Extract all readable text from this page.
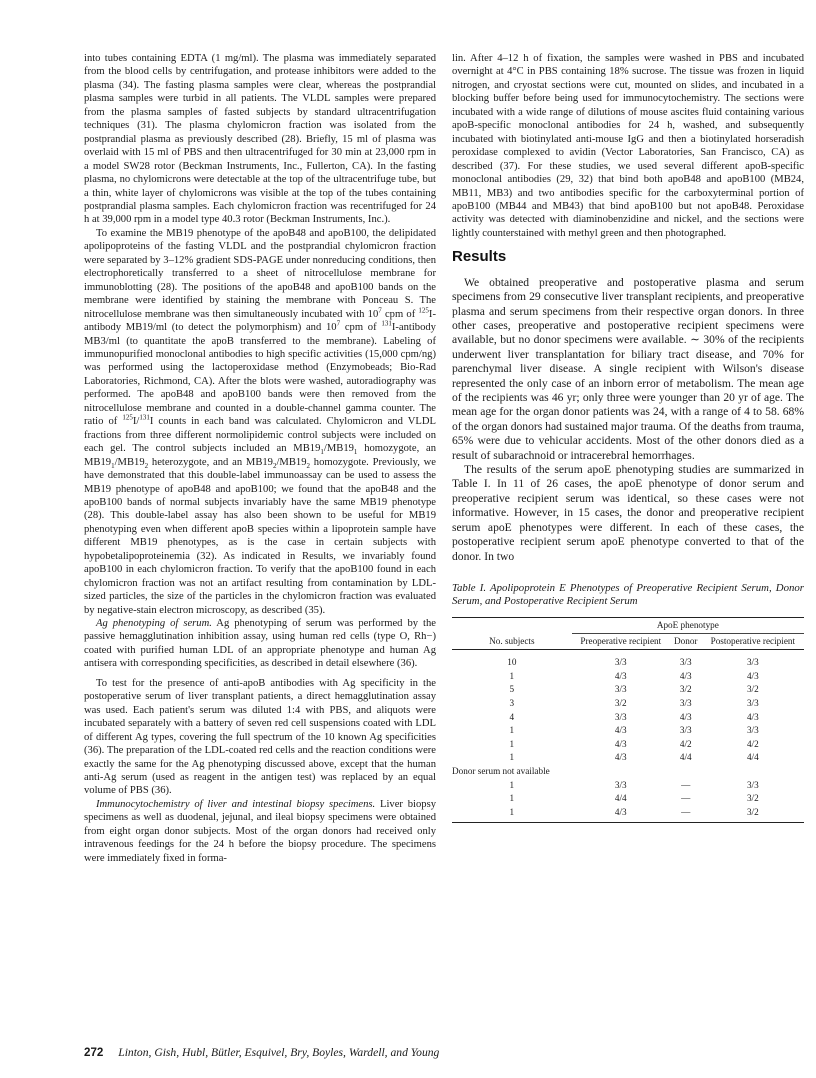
into tubes containing EDTA (1 mg/ml). The plasma was immediately separated from the blood cells by centrifugation, and protease inhibitors were added to the plasma (34). The fasting plasma samples were clear, whereas the postprandial plasma samples were turbid in all patients. The VLDL samples were prepared from the plasma samples of fasted subjects by standard ultracentrifugation techniques (31). The plasma chylomicron fraction was isolated from the postprandial plasma as previously described (28). Briefly, 15 ml of plasma was overlaid with 15 ml of PBS and then ultracentrifuged for 30 min at 23,000 rpm in a model SW28 rotor (Beckman Instruments, Inc., Fullerton, CA). In the fasting plasma, no chylomicrons were detectable at the top of the ultracentrifuge tube, but a thin, white layer of chylomicrons was visible at the top of the tubes containing postprandial plasma samples. Each chylomicron fraction was recentrifuged for 24 h at 39,000 rpm in a model type 40.3 rotor (Beckman Instruments, Inc.).

To examine the MB19 phenotype of the apoB48 and apoB100, the delipidated apolipoproteins of the fasting VLDL and the postprandial chylomicron fraction were separated by 3–12% gradient SDS-PAGE under nonreducing conditions, then electrophoretically transferred to a sheet of nitrocellulose membrane for immunoblotting (28). The positions of the apoB48 and apoB100 bands on the membrane were identified by staining the membrane with Ponceau S. The nitrocellulose membrane was then simultaneously incubated with $10^7$ cpm of $^{125}$I-antibody MB19/ml (to detect the polymorphism) and $10^7$ cpm of $^{131}$I-antibody MB3/ml (to quantitate the apoB transferred to the membrane). Labeling of immunopurified monoclonal antibodies to high specific activities (15,000 cpm/ng) was performed using the lactoperoxidase method (Enzymobeads; Bio-Rad Laboratories, Richmond, CA). After the blots were washed, autoradiography was performed. The apoB48 and apoB100 bands were then removed from the nitrocellulose membrane and counted in a double-channel gamma counter. The ratio of $^{125}$I/$^{131}$I counts in each band was calculated. Chylomicron and VLDL fractions from three different normolipidemic control subjects were included on each gel. The control subjects included an $MB19_1/MB19_1$ homozygote, an $MB19_1/MB19_2$ heterozygote, and an $MB19_2/MB19_2$ homozygote. Previously, we have demonstrated that this double-label immunoassay can be used to assess the MB19 phenotype of apoB48 and apoB100; we found that the apoB48 and the apoB100 bands of normal subjects invariably have the same MB19 phenotype (28). This double-label assay has also been shown to be useful for MB19 phenotyping even when different apoB species within a lipoprotein sample have different MB19 phenotypes, as is the case in certain subjects with hypobetalipoproteinemia (32). As indicated in Results, we invariably found apoB100 in each chylomicron fraction. To verify that the apoB100 found in each chylomicron fraction was not an artifact resulting from contamination by LDL-sized particles, the size of the particles in the chylomicron fraction was evaluated by negative-stain electron microscopy, as described (35).

Ag phenotyping of serum. Ag phenotyping of serum was performed by the passive hemagglutination inhibition assay, using human red cells (type O, Rh−) coated with purified human LDL of an appropriate phenotype and human Ag antisera with corresponding specificities, as described in detail elsewhere (36).

To test for the presence of anti-apoB antibodies with Ag specificity in the postoperative serum of liver transplant patients, a direct hemagglutination assay was used. Each patient's serum was diluted 1:4 with PBS, and aliquots were incubated separately with a battery of seven red cell suspensions coated with LDL of different Ag types, covering the full spectrum of the 10 known Ag specificities (36). The preparation of the LDL-coated red cells and the reaction conditions were exactly the same for the Ag phenotyping discussed above, except that the human anti-Ag serum (used as reagent in the antigen test) was replaced by an equal volume of PBS (36).

Immunocytochemistry of liver and intestinal biopsy specimens. Liver biopsy specimens as well as duodenal, jejunal, and ileal biopsy specimens were obtained from eight organ donor subjects. Most of the organ donors had received only intravenous feedings for the 24 h before the biopsy procedure. The specimens were immediately fixed in forma-

lin. After 4–12 h of fixation, the samples were washed in PBS and incubated overnight at 4°C in PBS containing 18% sucrose. The tissue was frozen in liquid nitrogen, and cryostat sections were cut, mounted on slides, and incubated in a blocking buffer before being used for immunocytochemistry. The sections were incubated with a wide range of dilutions of mouse ascites fluid containing various apoB-specific monoclonal antibodies for 24 h, washed, and subsequently incubated with biotinylated anti-mouse IgG and then a biotinylated horseradish peroxidase complexed to avidin (Vector Laboratories, San Francisco, CA) as described (37). For these studies, we used several different apoB-specific monoclonal antibodies (29, 32) that bind both apoB48 and apoB100 (MB24, MB11, MB3) and two antibodies specific for the carboxyterminal portion of apoB100 (MB44 and MB43) that bind apoB100 but not apoB48. Peroxidase activity was detected with diaminobenzidine and nickel, and the sections were lightly counterstained with methyl green and then photographed.

Results

We obtained preoperative and postoperative plasma and serum specimens from 29 consecutive liver transplant recipients, and preoperative plasma and serum specimens from their respective organ donors. In three other cases, preoperative and postoperative recipient specimens were available, but no donor specimens were available. ∼ 30% of the recipients underwent liver transplantation for biliary tract disease, and 70% for parenchymal liver disease. A single recipient with Wilson's disease represented the only case of an inborn error of metabolism. The mean age of the recipients was 46 yr; only three were younger than 20 yr of age. The mean age for the organ donor patients was 24, with a range of 4 to 58. 68% of the organ donors had sustained major trauma. Of the deaths from trauma, 65% were due to vehicular accidents. Most of the other donors died as a result of subarachnoid or intracerebral hemorrhages.

The results of the serum apoE phenotyping studies are summarized in Table I. In 11 of 26 cases, the apoE phenotype of donor serum and preoperative recipient serum was identical, so these cases were not informative. However, in 15 cases, the donor and preoperative recipient serum apoE phenotypes were different. In each of these cases, the postoperative recipient serum apoE phenotype converted to that of the donor. In two

Table I. Apolipoprotein E Phenotypes of Preoperative Recipient Serum, Donor Serum, and Postoperative Recipient Serum
No. subjects	ApoE phenotype		
	Preoperative recipient	Donor	Postoperative recipient

10	3/3	3/3	3/3
1	4/3	4/3	4/3
5	3/3	3/2	3/2
3	3/2	3/3	3/3
4	3/3	4/3	4/3
1	4/3	3/3	3/3
1	4/3	4/2	4/2
1	4/3	4/4	4/4
Donor serum not available			
1	3/3	—	3/3
1	4/4	—	3/2
1	4/3	—	3/2
272 Linton, Gish, Hubl, Bütler, Esquivel, Bry, Boyles, Wardell, and Young
